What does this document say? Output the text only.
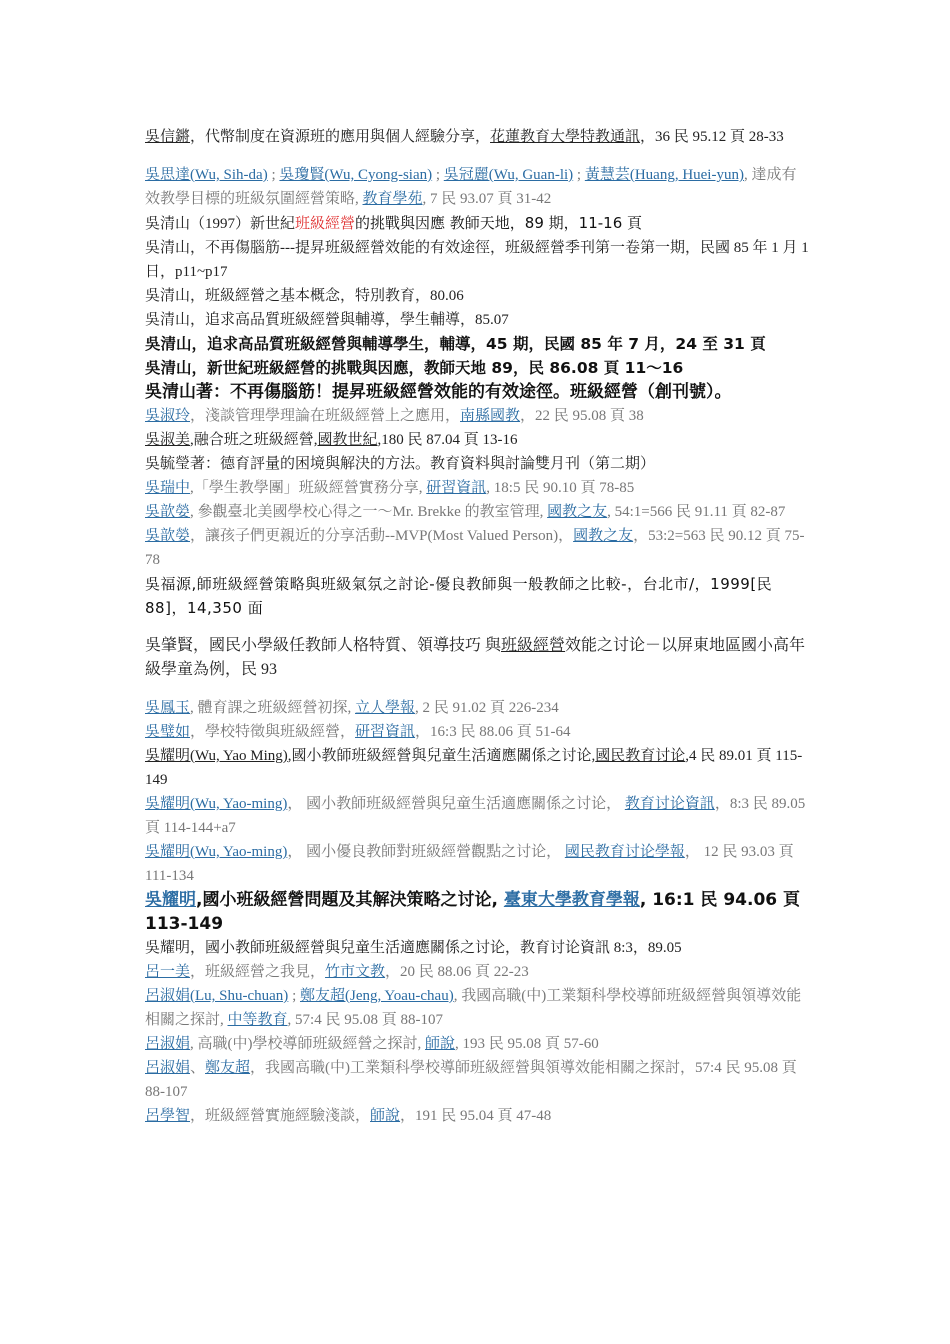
吳信鏘，代幣制度在資源班的應用與個人經驗分享，花蓮教育大學特教通訊，36 民 95.12 頁 28-33

吳思達(Wu, Sih-da) ; 吳瓊賢(Wu, Cyong-sian) ; 吳冠麗(Wu, Guan-li) ; 黃慧芸(Huang, Huei-yun), 達成有效教學目標的班級氛圍經營策略, 教育學苑, 7 民 93.07 頁 31-42

吳清山（1997）新世紀班級經營的挑戰與因應 教師天地，89 期，11-16 頁

吳清山，不再傷腦筋---提昇班級經營效能的有效途徑，班級經營季刊第一卷第一期，民國 85 年 1 月 1 日，p11~p17

吳清山，班級經營之基本概念，特別教育，80.06

吳清山，追求高品質班級經營與輔導，學生輔導，85.07

吳清山，追求高品質班級經營與輔導學生，輔導，45 期，民國 85 年 7 月，24 至 31 頁

吳清山，新世紀班級經營的挑戰與因應，教師天地 89，民 86.08 頁 11～16

吳清山著：不再傷腦筋！提昇班級經營效能的有效途徑。班級經營（創刊號）。

吳淑玲，淺談管理學理論在班級經營上之應用，南縣國教，22 民 95.08 頁 38

吳淑美,融合班之班級經營,國教世紀,180 民 87.04 頁 13-16

吳毓瑩著：德育評量的困境與解決的方法。教育資料與討論雙月刊（第二期）

吳瑞中,「學生教學團」班級經營實務分享, 研習資訊, 18:5 民 90.10 頁 78-85

吳歆嫈, 參觀臺北美國學校心得之一～Mr. Brekke 的教室管理, 國教之友, 54:1=566 民 91.11 頁 82-87

吳歆嫈，讓孩子們更親近的分享活動--MVP(Most Valued Person)，國教之友，53:2=563 民 90.12 頁 75-78

吳福源,師班級經營策略與班級氣氛之討论-優良教師與一般教師之比較-，台北市/，1999[民 88]，14,350 面

吳肇賢，國民小學級任教師人格特質、領導技巧 與班級經營效能之讨论－以屏東地區國小高年級學童為例，民 93

吳鳳玉, 體育課之班級經營初探, 立人學報, 2 民 91.02 頁 226-234

吳璧如，學校特徵與班級經營，研習資訊，16:3 民 88.06 頁 51-64

吳耀明(Wu, Yao Ming),國小教師班級經營與兒童生活適應關係之讨论,國民教育讨论,4 民 89.01 頁 115-149

吳耀明(Wu, Yao-ming)， 國小教師班級經營與兒童生活適應關係之讨论， 教育讨论資訊，8:3 民 89.05 頁 114-144+a7

吳耀明(Wu, Yao-ming)， 國小優良教師對班級經營觀點之讨论， 國民教育讨论學報， 12 民 93.03 頁 111-134

吳耀明,國小班級經營問題及其解決策略之讨论, 臺東大學教育學報, 16:1 民 94.06 頁 113-149

吳耀明，國小教師班級經營與兒童生活適應關係之讨论，教育讨论資訊 8:3，89.05

呂一美，班級經營之我見，竹市文教，20 民 88.06 頁 22-23

呂淑娟(Lu, Shu-chuan) ; 鄭友超(Jeng, Yoau-chau), 我國高職(中)工業類科學校導師班級經營與領導效能相關之探討, 中等教育, 57:4 民 95.08 頁 88-107

呂淑娟, 高職(中)學校導師班級經營之探討, 師說, 193 民 95.08 頁 57-60

呂淑娟、鄭友超，我國高職(中)工業類科學校導師班級經營與領導效能相關之探討，57:4 民 95.08 頁 88-107

呂學智，班級經營實施經驗淺談，師說，191 民 95.04 頁 47-48
